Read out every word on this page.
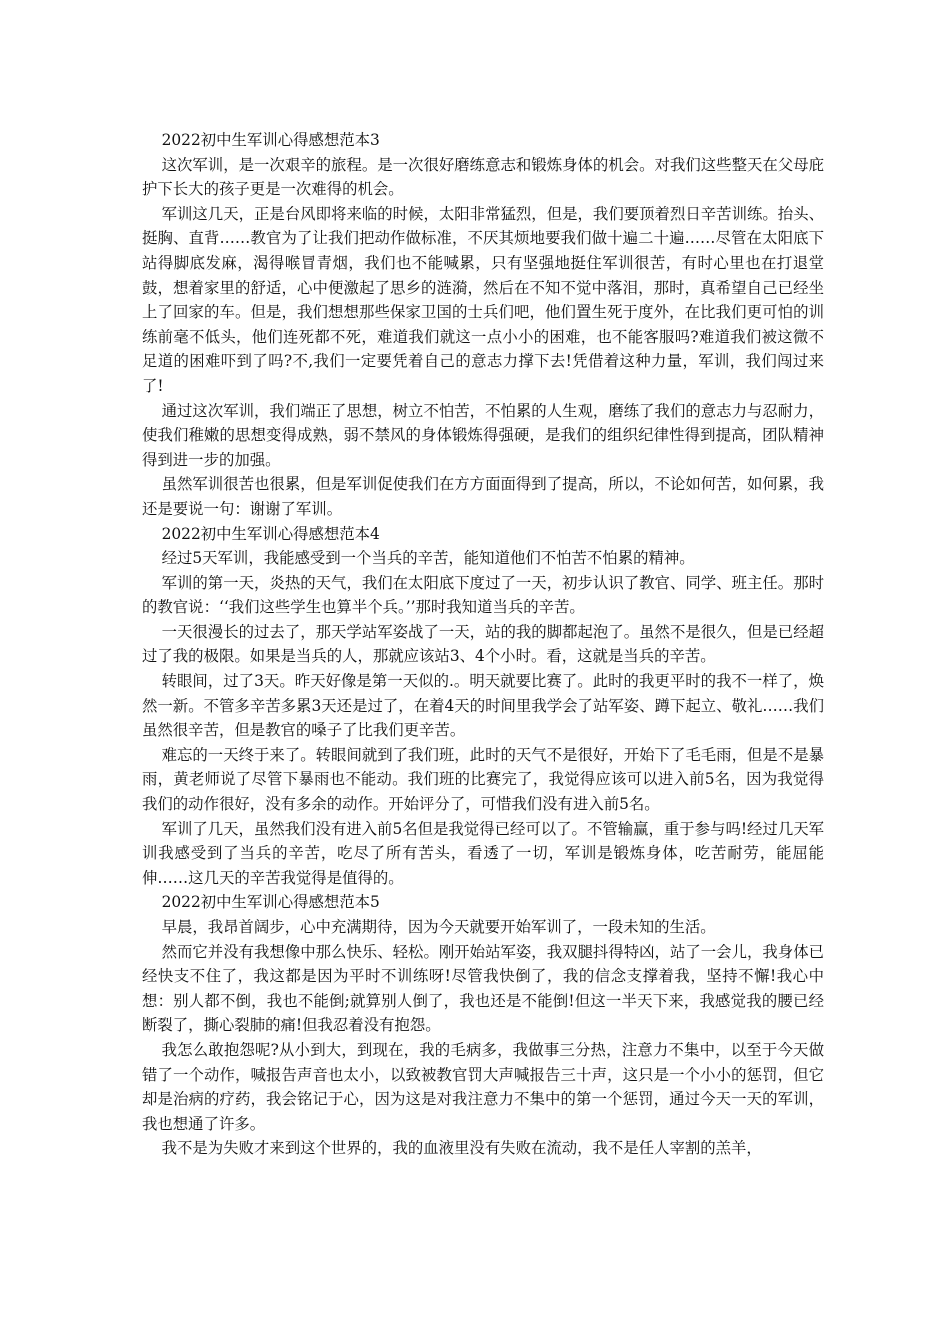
2022初中生军训心得感想范本3

这次军训，是一次艰辛的旅程。是一次很好磨练意志和锻炼身体的机会。对我们这些整天在父母庇护下长大的孩子更是一次难得的机会。

军训这几天，正是台风即将来临的时候，太阳非常猛烈，但是，我们要顶着烈日辛苦训练。抬头、挺胸、直背……教官为了让我们把动作做标准，不厌其烦地要我们做十遍二十遍……尽管在太阳底下站得脚底发麻，渴得喉冒青烟，我们也不能喊累，只有坚强地挺住军训很苦，有时心里也在打退堂鼓，想着家里的舒适，心中便激起了思乡的涟漪，然后在不知不觉中落泪，那时，真希望自己已经坐上了回家的车。但是，我们想想那些保家卫国的士兵们吧，他们置生死于度外，在比我们更可怕的训练前毫不低头，他们连死都不死，难道我们就这一点小小的困难，也不能客服吗?难道我们被这微不足道的困难吓到了吗?不,我们一定要凭着自己的意志力撑下去!凭借着这种力量，军训，我们闯过来了!

通过这次军训，我们端正了思想，树立不怕苦，不怕累的人生观，磨练了我们的意志力与忍耐力，使我们稚嫩的思想变得成熟，弱不禁风的身体锻炼得强硬，是我们的组织纪律性得到提高，团队精神得到进一步的加强。

虽然军训很苦也很累，但是军训促使我们在方方面面得到了提高，所以，不论如何苦，如何累，我还是要说一句：谢谢了军训。

2022初中生军训心得感想范本4

经过5天军训，我能感受到一个当兵的辛苦，能知道他们不怕苦不怕累的精神。

军训的第一天，炎热的天气，我们在太阳底下度过了一天，初步认识了教官、同学、班主任。那时的教官说：‘‘我们这些学生也算半个兵。’’那时我知道当兵的辛苦。

一天很漫长的过去了，那天学站军姿战了一天，站的我的脚都起泡了。虽然不是很久，但是已经超过了我的极限。如果是当兵的人，那就应该站3、4个小时。看，这就是当兵的辛苦。

转眼间，过了3天。昨天好像是第一天似的.。明天就要比赛了。此时的我更平时的我不一样了，焕然一新。不管多辛苦多累3天还是过了，在着4天的时间里我学会了站军姿、蹲下起立、敬礼……我们虽然很辛苦，但是教官的嗓子了比我们更辛苦。

难忘的一天终于来了。转眼间就到了我们班，此时的天气不是很好，开始下了毛毛雨，但是不是暴雨，黄老师说了尽管下暴雨也不能动。我们班的比赛完了，我觉得应该可以进入前5名，因为我觉得我们的动作很好，没有多余的动作。开始评分了，可惜我们没有进入前5名。

军训了几天，虽然我们没有进入前5名但是我觉得已经可以了。不管输赢，重于参与吗!经过几天军训我感受到了当兵的辛苦，吃尽了所有苦头，看透了一切，军训是锻炼身体，吃苦耐劳，能屈能伸……这几天的辛苦我觉得是值得的。

2022初中生军训心得感想范本5

早晨，我昂首阔步，心中充满期待，因为今天就要开始军训了，一段未知的生活。

然而它并没有我想像中那么快乐、轻松。刚开始站军姿，我双腿抖得特凶，站了一会儿，我身体已经快支不住了，我这都是因为平时不训练呀!尽管我快倒了，我的信念支撑着我，坚持不懈!我心中想：别人都不倒，我也不能倒;就算别人倒了，我也还是不能倒!但这一半天下来，我感觉我的腰已经断裂了，撕心裂肺的痛!但我忍着没有抱怨。

我怎么敢抱怨呢?从小到大，到现在，我的毛病多，我做事三分热，注意力不集中，以至于今天做错了一个动作，喊报告声音也太小，以致被教官罚大声喊报告三十声，这只是一个小小的惩罚，但它却是治病的疗药，我会铭记于心，因为这是对我注意力不集中的第一个惩罚，通过今天一天的军训，我也想通了许多。

我不是为失败才来到这个世界的，我的血液里没有失败在流动，我不是任人宰割的羔羊，
